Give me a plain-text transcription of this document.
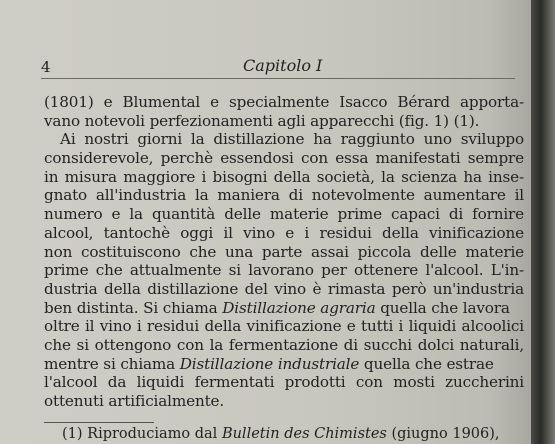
4	Capitolo I
(1801) e Blumental e specialmente Isacco Bérard apporta-
vano notevoli perfezionamenti agli apparecchi (fig. 1) (1).
Ai nostri giorni la distillazione ha raggiunto uno sviluppo
considerevole, perchè essendosi con essa manifestati sempre
in misura maggiore i bisogni della società, la scienza ha inse-
gnato all'industria la maniera di notevolmente aumentare il
numero e la quantità delle materie prime capaci di fornire
alcool, tantochè oggi il vino e i residui della vinificazione
non costituiscono che una parte assai piccola delle materie
prime che attualmente si lavorano per ottenere l'alcool. L'in-
dustria della distillazione del vino è rimasta però un'industria
ben distinta. Si chiama Distillazione agraria quella che lavora
oltre il vino i residui della vinificazione e tutti i liquidi alcoolici
che si ottengono con la fermentazione di succhi dolci naturali,
mentre si chiama Distillazione industriale quella che estrae
l'alcool da liquidi fermentati prodotti con mosti zuccherini
ottenuti artificialmente.
(1) Riproduciamo dal Bulletin des Chimistes (giugno 1906),
